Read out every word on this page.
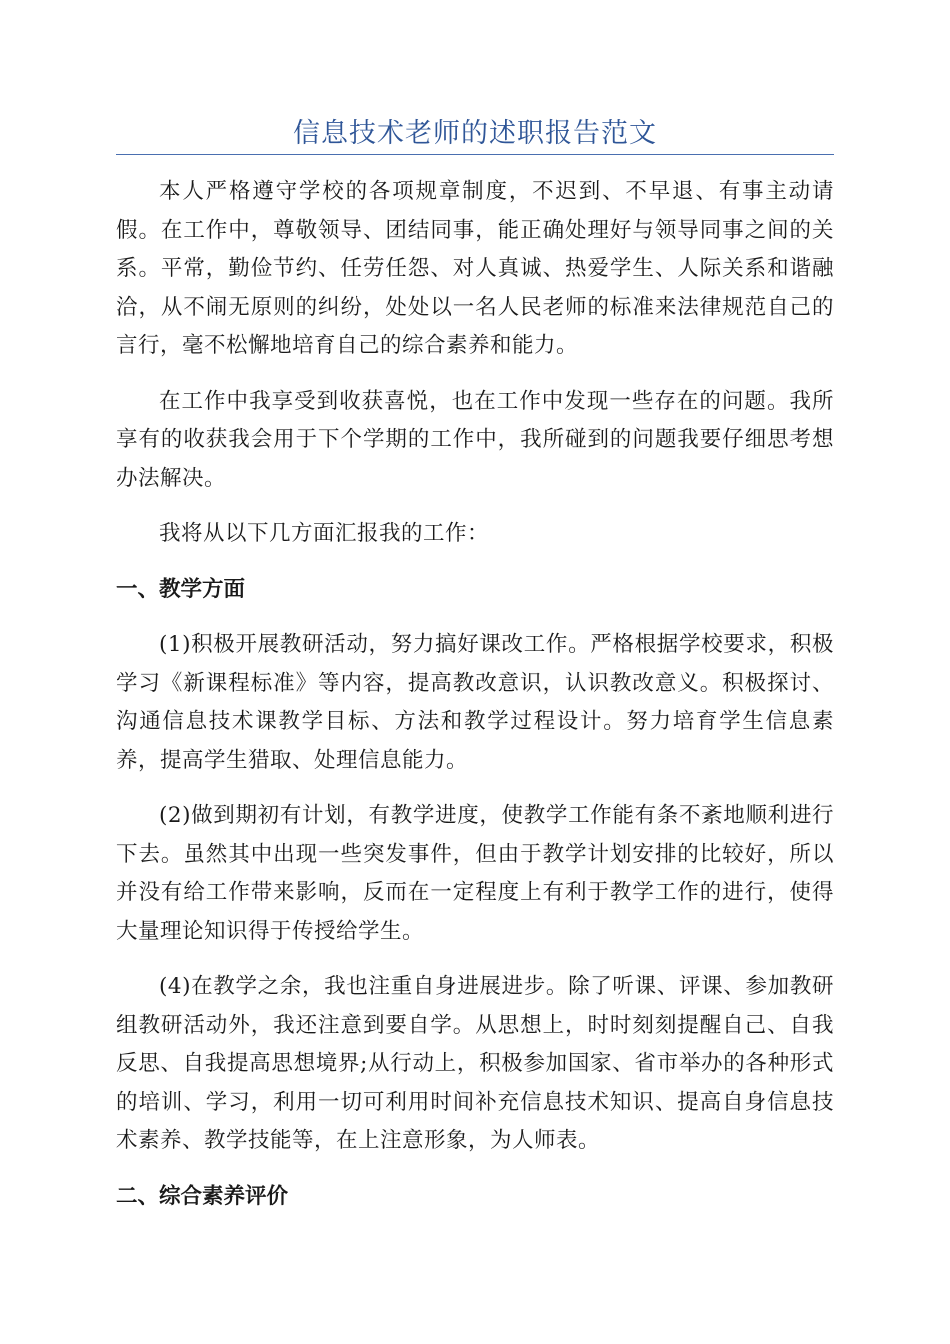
信息技术老师的述职报告范文

本人严格遵守学校的各项规章制度，不迟到、不早退、有事主动请假。在工作中，尊敬领导、团结同事，能正确处理好与领导同事之间的关系。平常，勤俭节约、任劳任怨、对人真诚、热爱学生、人际关系和谐融洽，从不闹无原则的纠纷，处处以一名人民老师的标准来法律规范自己的言行，毫不松懈地培育自己的综合素养和能力。

在工作中我享受到收获喜悦，也在工作中发现一些存在的问题。我所享有的收获我会用于下个学期的工作中，我所碰到的问题我要仔细思考想办法解决。

我将从以下几方面汇报我的工作：

一、教学方面

(1)积极开展教研活动，努力搞好课改工作。严格根据学校要求，积极学习《新课程标准》等内容，提高教改意识，认识教改意义。积极探讨、沟通信息技术课教学目标、方法和教学过程设计。努力培育学生信息素养，提高学生猎取、处理信息能力。

(2)做到期初有计划，有教学进度，使教学工作能有条不紊地顺利进行下去。虽然其中出现一些突发事件，但由于教学计划安排的比较好，所以并没有给工作带来影响，反而在一定程度上有利于教学工作的进行，使得大量理论知识得于传授给学生。

(4)在教学之余，我也注重自身进展进步。除了听课、评课、参加教研组教研活动外，我还注意到要自学。从思想上，时时刻刻提醒自己、自我反思、自我提高思想境界;从行动上，积极参加国家、省市举办的各种形式的培训、学习，利用一切可利用时间补充信息技术知识、提高自身信息技术素养、教学技能等，在上注意形象，为人师表。

二、综合素养评价
